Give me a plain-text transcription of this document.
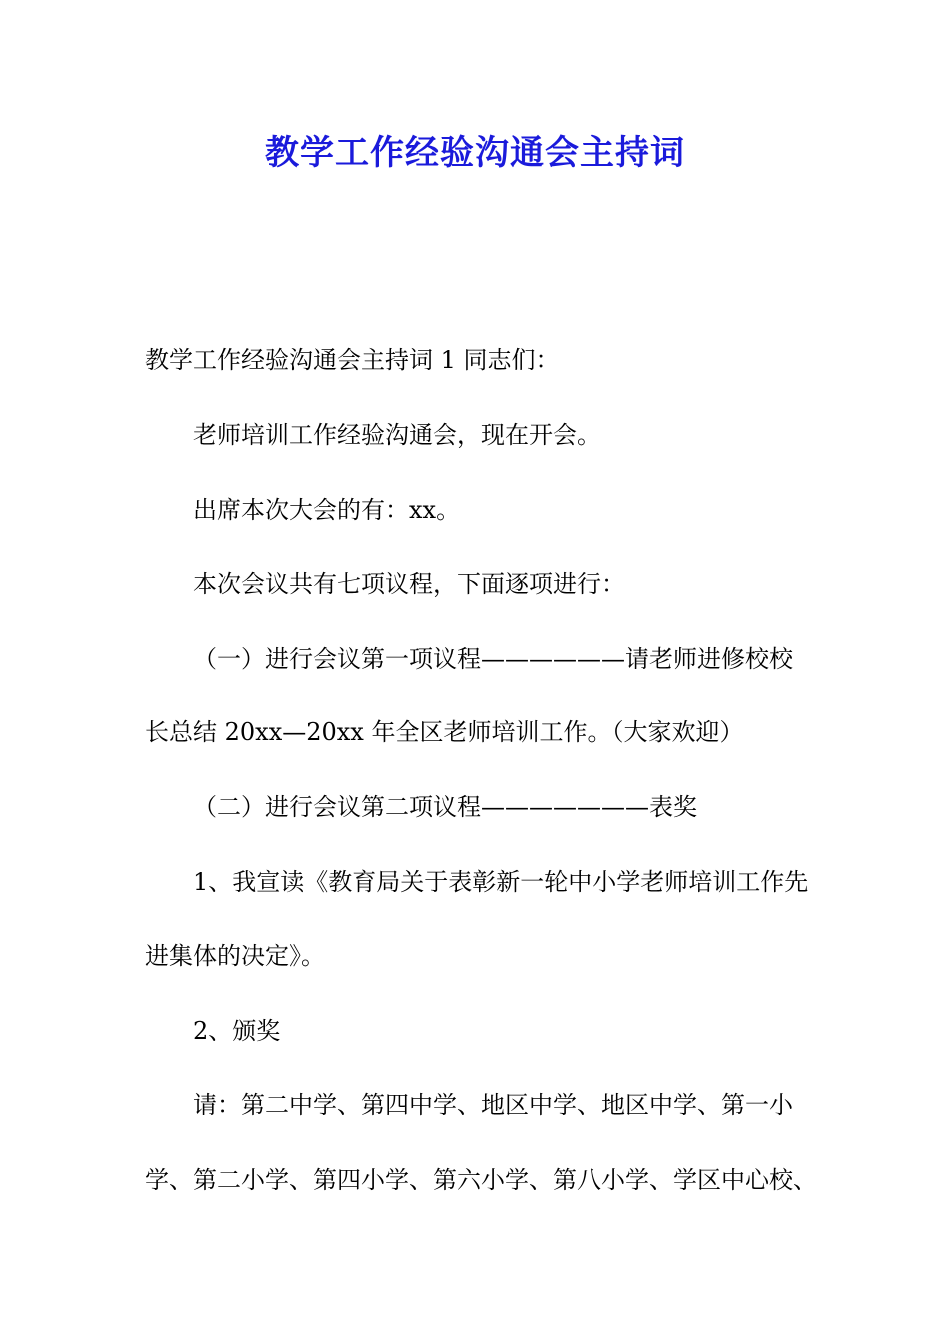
教学工作经验沟通会主持词

教学工作经验沟通会主持词 1 同志们：

老师培训工作经验沟通会，现在开会。

出席本次大会的有：xx。

本次会议共有七项议程，下面逐项进行：

（一）进行会议第一项议程——————请老师进修校校

长总结 20xx—20xx 年全区老师培训工作。（大家欢迎）

（二）进行会议第二项议程———————表奖

1、我宣读《教育局关于表彰新一轮中小学老师培训工作先

进集体的决定》。

2、颁奖

请：第二中学、第四中学、地区中学、地区中学、第一小

学、第二小学、第四小学、第六小学、第八小学、学区中心校、
